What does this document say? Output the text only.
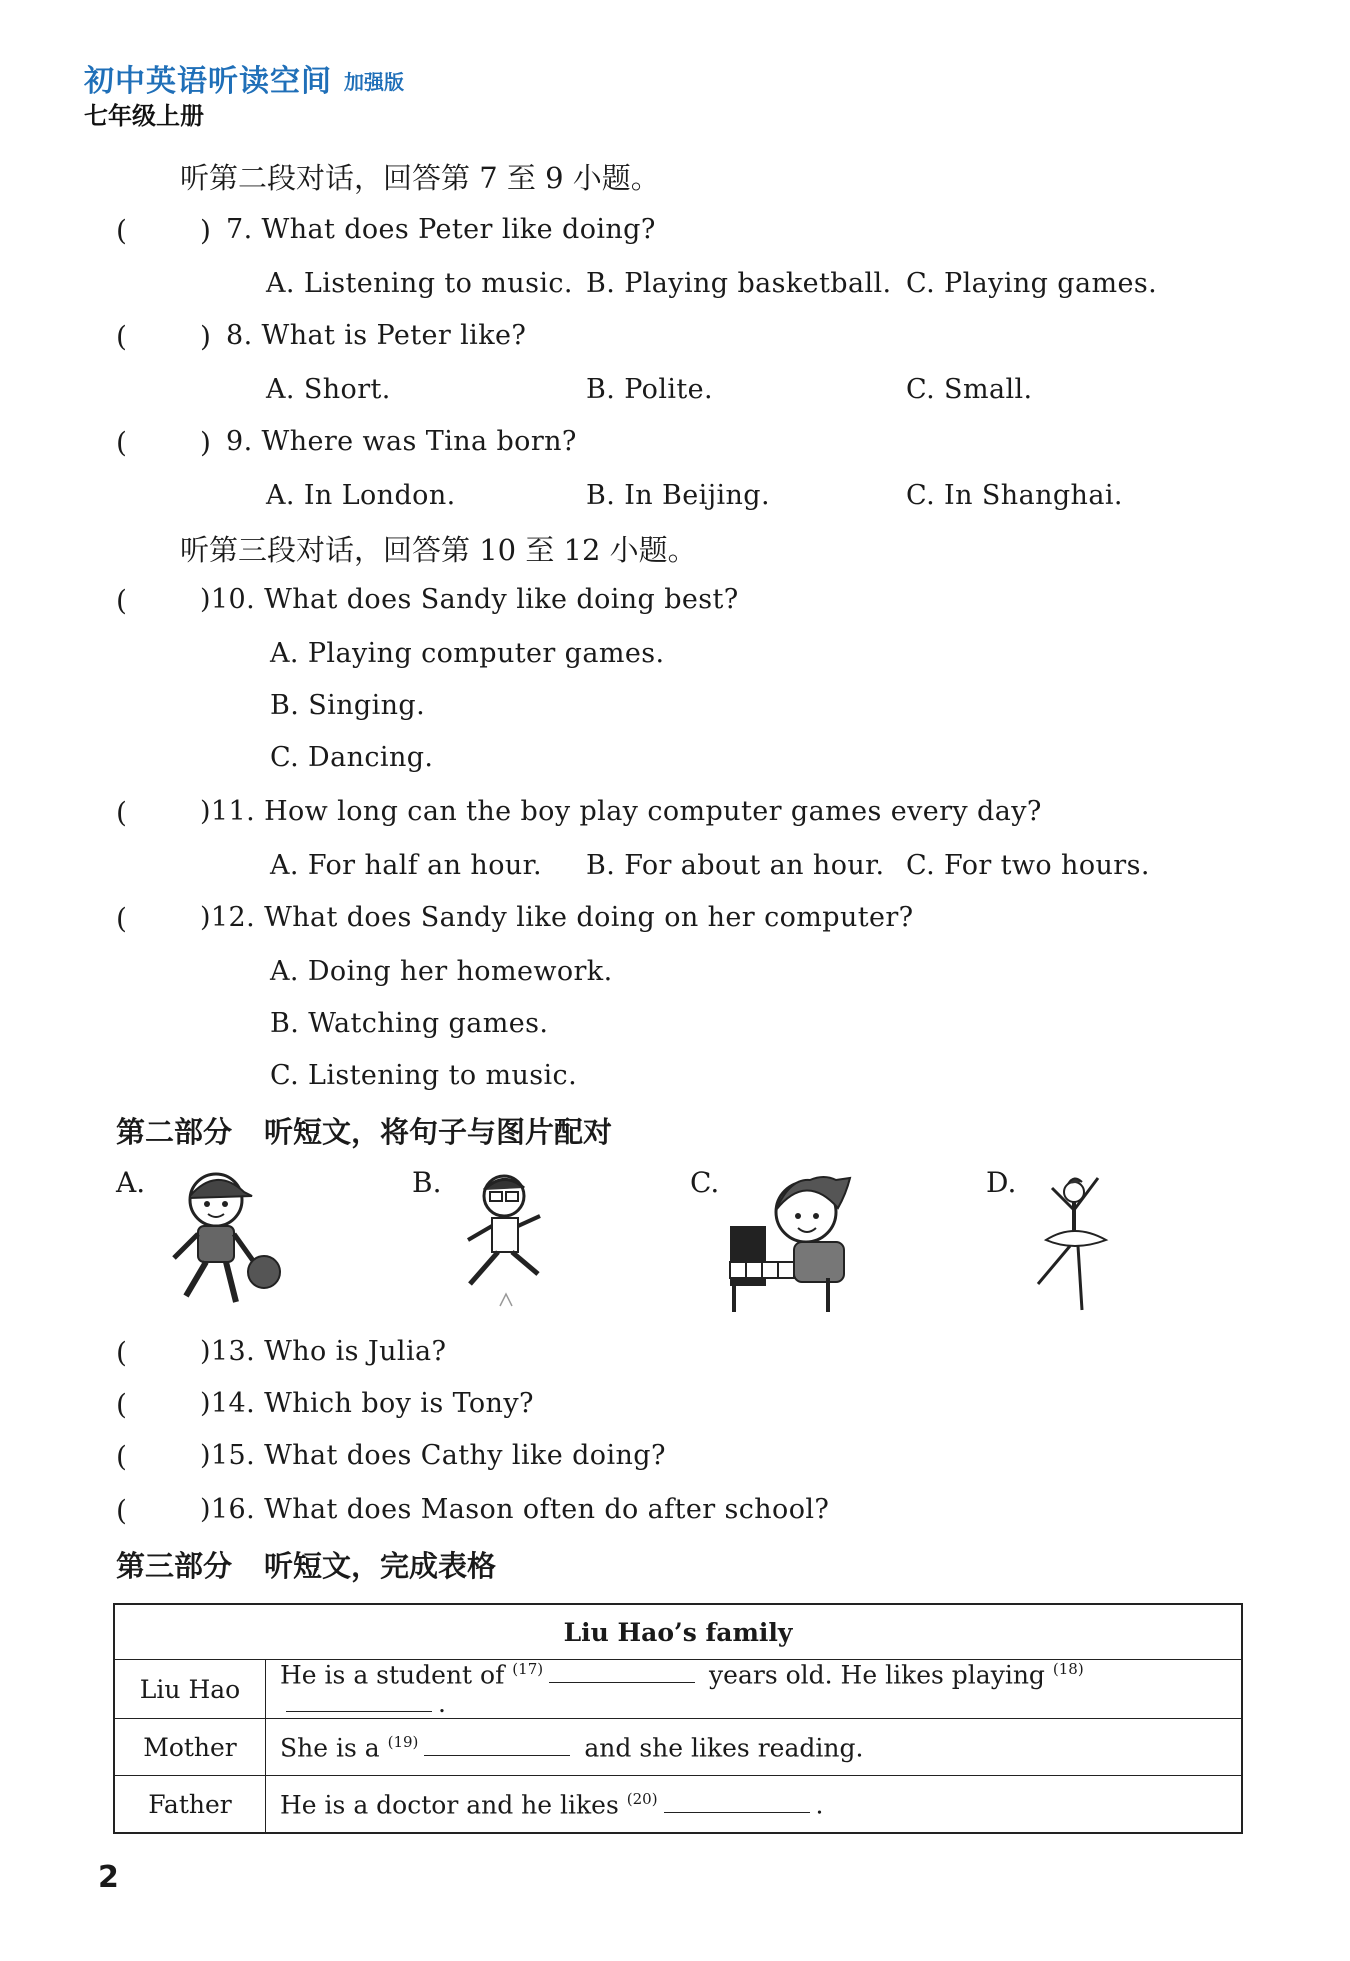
初中英语听读空间 加强版
七年级上册
听第二段对话，回答第 7 至 9 小题。
(	) 7. What does Peter like doing?
A. Listening to music. B. Playing basketball. C. Playing games.
(	) 8. What is Peter like?
A. Short.	B. Polite.	C. Small.
(	) 9. Where was Tina born?
A. In London.	B. In Beijing.	C. In Shanghai.
听第三段对话，回答第 10 至 12 小题。
(	)10. What does Sandy like doing best?
A. Playing computer games.
B. Singing.
C. Dancing.
(	)11. How long can the boy play computer games every day?
A. For half an hour. B. For about an hour. C. For two hours.
(	)12. What does Sandy like doing on her computer?
A. Doing her homework.
B. Watching games.
C. Listening to music.
第二部分 听短文，将句子与图片配对
A.	B.	C.	D.
(	)13. Who is Julia?
(	)14. Which boy is Tony?
(	)15. What does Cathy like doing?
(	)16. What does Mason often do after school?
第三部分 听短文，完成表格
Liu Hao’s family	
Liu Hao	He is a student of $^{(17)}$ years old. He likes playing $^{(18)}$.
Mother	She is a $^{(19)}$ and she likes reading.
Father	He is a doctor and he likes $^{(20)}$ .
2
